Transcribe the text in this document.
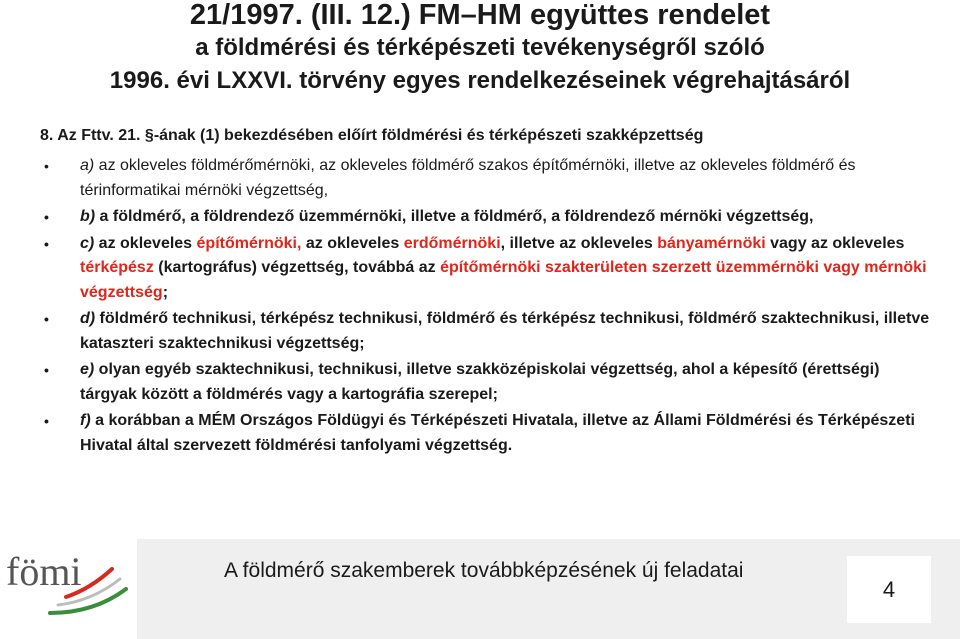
21/1997. (III. 12.) FM–HM együttes rendelet
a földmérési és térképészeti tevékenységről szóló
1996. évi LXXVI. törvény egyes rendelkezéseinek végrehajtásáról
8. Az Fttv. 21. §-ának (1) bekezdésében előírt földmérési és térképészeti szakképzettség
• a) az okleveles földmérőmérnöki, az okleveles földmérő szakos építőmérnöki, illetve az okleveles földmérő és térinformatikai mérnöki végzettség,
• b) a földmérő, a földrendező üzemmérnöki, illetve a földmérő, a földrendező mérnöki végzettség,
• c) az okleveles építőmérnöki, az okleveles erdőmérnöki, illetve az okleveles bányamérnöki vagy az okleveles térképész (kartográfus) végzettség, továbbá az építőmérnöki szakterületen szerzett üzemmérnöki vagy mérnöki végzettség;
• d) földmérő technikusi, térképész technikusi, földmérő és térképész technikusi, földmérő szaktechnikusi, illetve kataszteri szaktechnikusi végzettség;
• e) olyan egyéb szaktechnikusi, technikusi, illetve szakközépiskolai végzettség, ahol a képesítő (érettségi) tárgyak között a földmérés vagy a kartográfia szerepel;
• f) a korábban a MÉM Országos Földügyi és Térképészeti Hivatala, illetve az Állami Földmérési és Térképészeti Hivatal által szervezett földmérési tanfolyami végzettség.
fömi	A földmérő szakemberek továbbképzésének új feladatai
4
